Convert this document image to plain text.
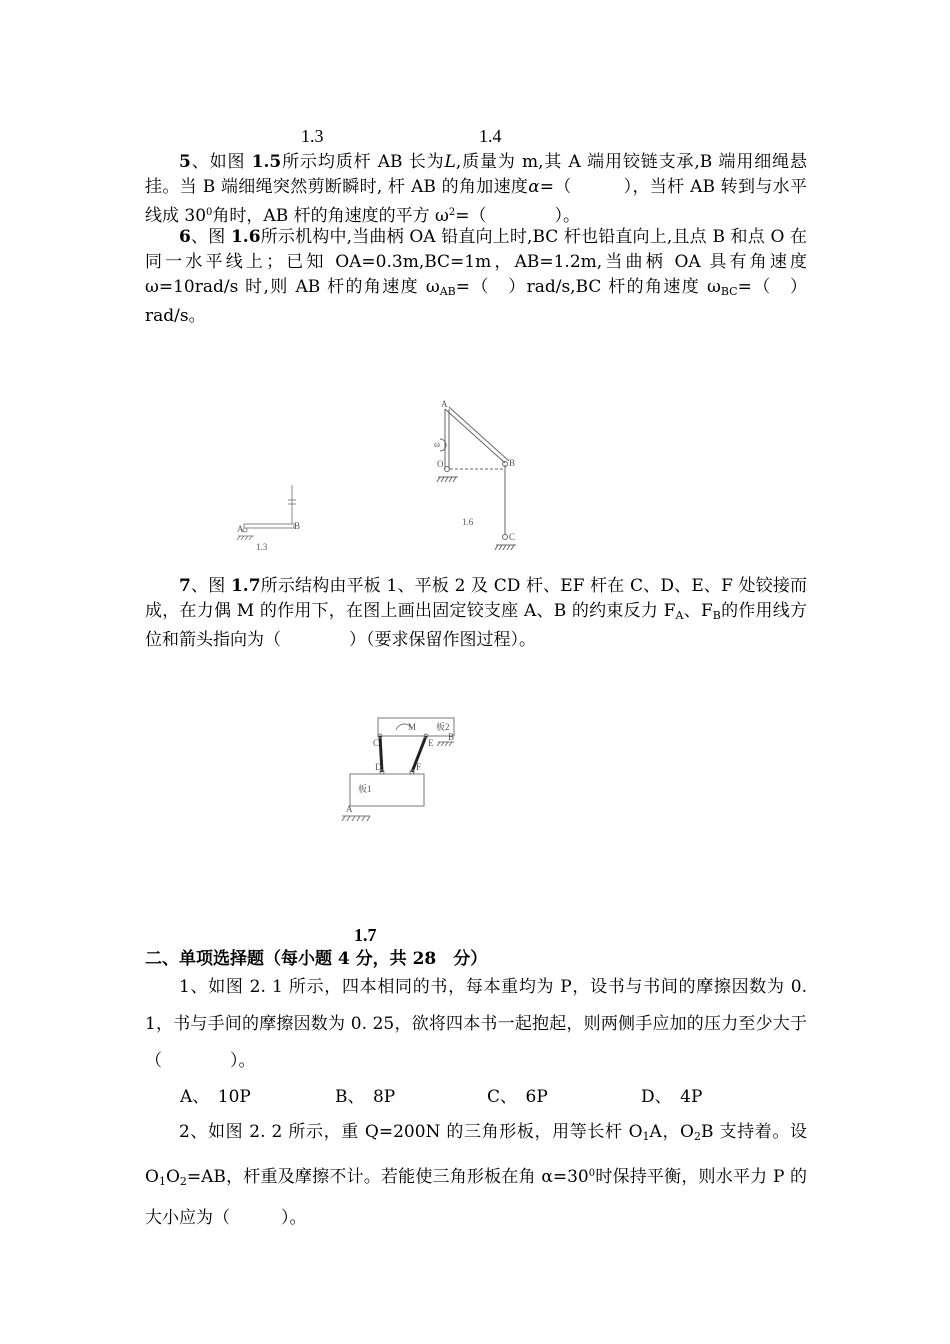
1.3	1.4

5、如图 1.5所示均质杆 AB 长为L,质量为 m,其 A 端用铰链支承,B 端用细绳悬挂。当 B 端细绳突然剪断瞬时, 杆 AB 的角加速度α=（　　　），当杆 AB 转到与水平线成 $30^0$角时，AB 杆的角速度的平方 $\omega^2=$（　　　　）。

6、图 1.6所示机构中,当曲柄 OA 铅直向上时,BC 杆也铅直向上,且点 B 和点 O 在同一水平线上；已知 OA=0.3m,BC=1m，AB=1.2m,当曲柄 OA 具有角速度 ω=10rad/s 时,则 AB 杆的角速度 $\omega_{AB}=$（　）rad/s,BC 杆的角速度 $\omega_{BC}=$（　）rad/s。

A	B
1.3
A
ω
O	B
C
1.6

7、图 1.7所示结构由平板 1、平板 2 及 CD 杆、EF 杆在 C、D、E、F 处铰接而成，在力偶 M 的作用下，在图上画出固定铰支座 A、B 的约束反力 $F_A$、$F_B$的作用线方位和箭头指向为（　　　　）（要求保留作图过程）。

C
D
E
F
M 板2
板1
B
A
1.7
二、单项选择题（每小题 4 分，共 28　分）

1、如图 2. 1 所示，四本相同的书，每本重均为 P，设书与书间的摩擦因数为 0. 1，书与手间的摩擦因数为 0. 25，欲将四本书一起抱起，则两侧手应加的压力至少大于（　　　　）。

A、　10P	B、　8P	C、　6P	D、　4P

2、如图 2. 2 所示，重 Q=200N 的三角形板，用等长杆 $O_1A$，$O_2B$ 支持着。设 $O_1O_2=AB$，杆重及摩擦不计。若能使三角形板在角 $\alpha=30^0$时保持平衡，则水平力 P 的大小应为（　　　）。
